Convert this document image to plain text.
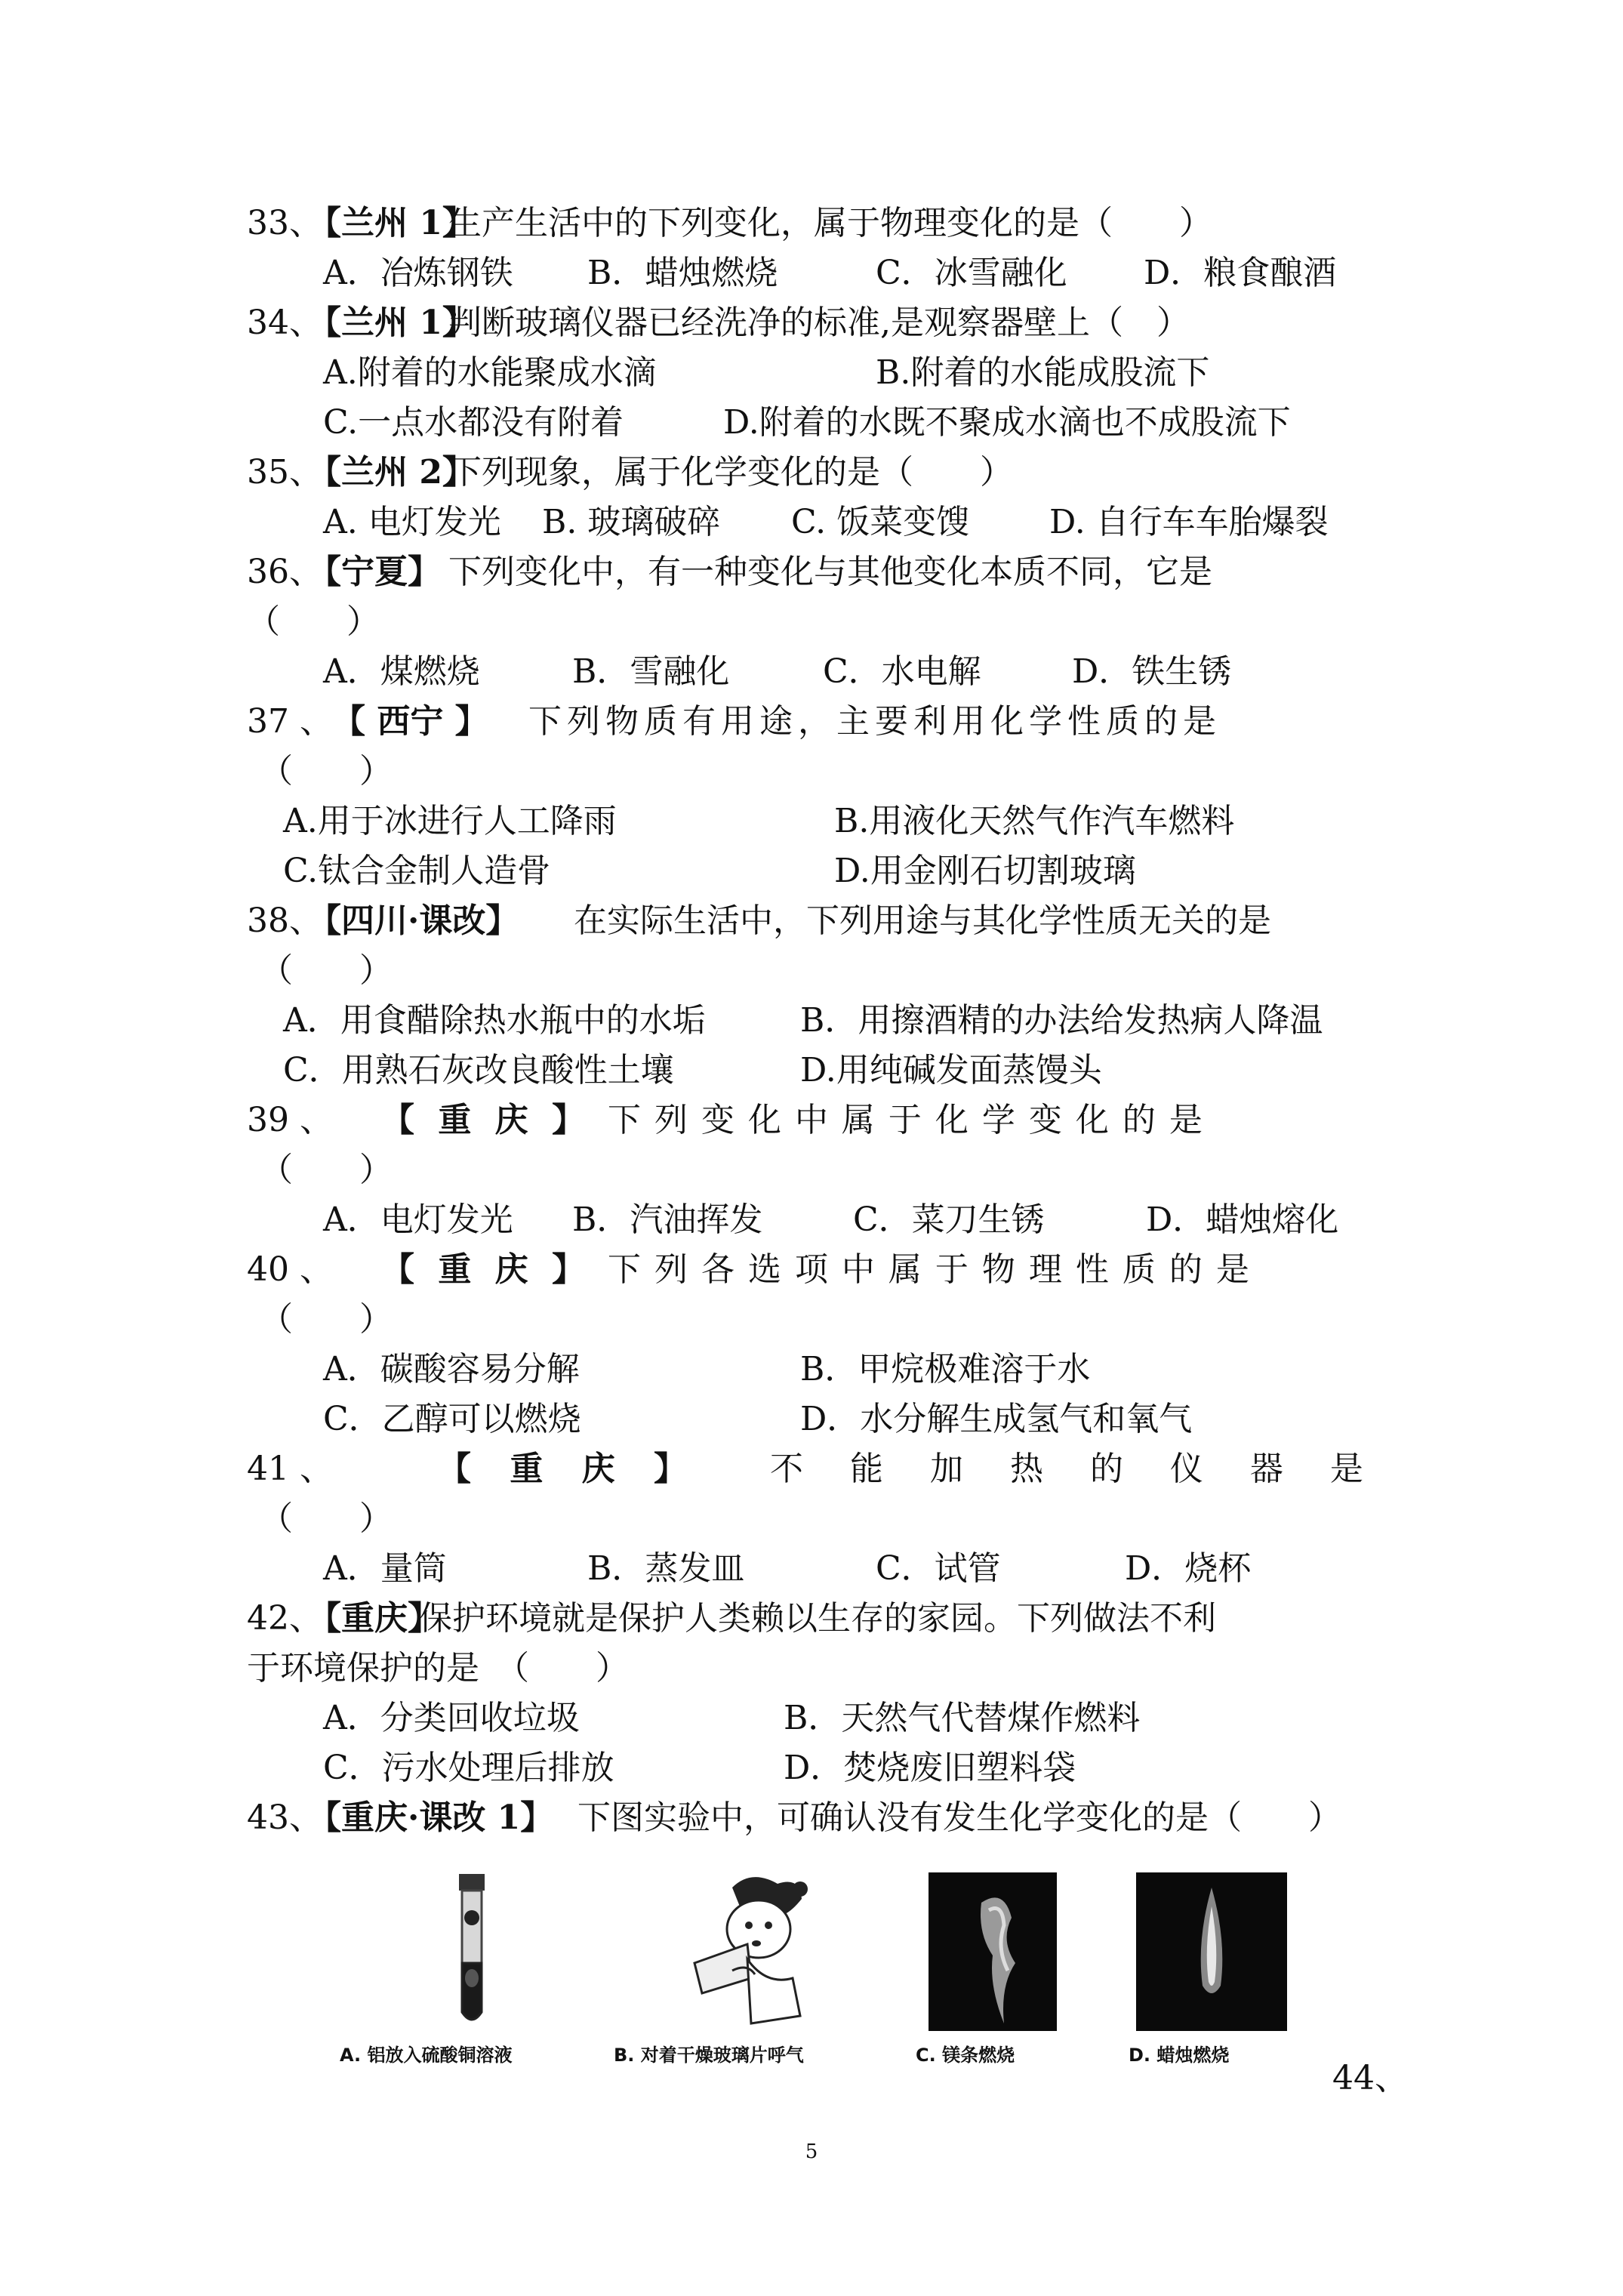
33、
【兰州 1】
生产生活中的下列变化，属于物理变化的是（　　）
A．冶炼钢铁 B．蜡烛燃烧	C．冰雪融化 D．粮食酿酒
34、
【兰州 1】
判断玻璃仪器已经洗净的标准,是观察器壁上（　）
A.附着的水能聚成水滴	B.附着的水能成股流下
C.一点水都没有附着	D.附着的水既不聚成水滴也不成股流下
35、
【兰州 2】
下列现象，属于化学变化的是（　　）
A. 电灯发光 B. 玻璃破碎 C. 饭菜变馊 D. 自行车车胎爆裂
36、
【宁夏】 下列变化中，有一种变化与其他变化本质不同，它是
（　　）
A．煤燃烧	B．雪融化	C．水电解	D．铁生锈
37 、 【 西宁 】 下列物质有用途，主要利用化学性质的是
（　　）
A.用于冰进行人工降雨	B.用液化天然气作汽车燃料
C.钛合金制人造骨	D.用金刚石切割玻璃
38、
【四川·课改】 在实际生活中，下列用途与其化学性质无关的是
（　　）
A．用食醋除热水瓶中的水垢	B．用擦酒精的办法给发热病人降温
C．用熟石灰改良酸性土壤	D.用纯碱发面蒸馒头
39 、 【 重 庆 】 下 列 变 化 中 属 于 化 学 变 化 的 是
（　　）
A．电灯发光 B．汽油挥发	C．菜刀生锈	D．蜡烛熔化
40 、 【 重 庆 】 下 列 各 选 项 中 属 于 物 理 性 质 的 是
（　　）
A．碳酸容易分解	B．甲烷极难溶于水
C．乙醇可以燃烧	D．水分解生成氢气和氧气
41 、	【 重 庆 】 不 能 加 热 的 仪 器 是
（　　）
A．量筒	B．蒸发皿	C．试管	D．烧杯
42、
【重庆】
保护环境就是保护人类赖以生存的家园。下列做法不利
于环境保护的是　（　　）
A．分类回收垃圾	B．天然气代替煤作燃料
C．污水处理后排放	D．焚烧废旧塑料袋
43、
【重庆·课改 1】 下图实验中，可确认没有发生化学变化的是（　　）
A. 铝放入硫酸铜溶液	B. 对着干燥玻璃片呼气	C. 镁条燃烧	D. 蜡烛燃烧
44、
5
